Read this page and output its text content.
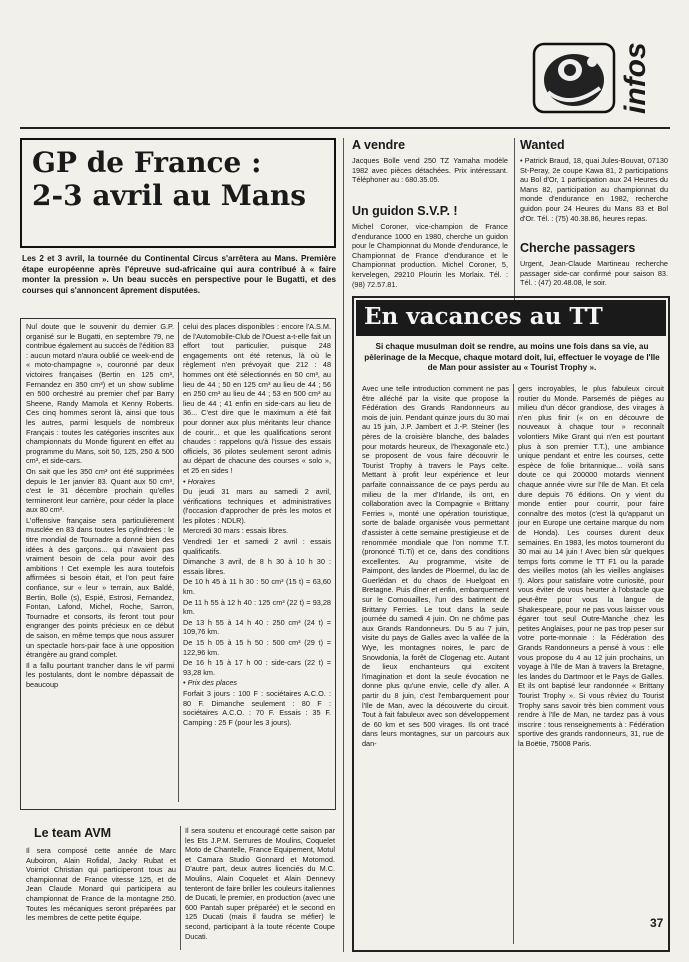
infos
GP de France :
2-3 avril au Mans
Les 2 et 3 avril, la tournée du Continental Circus s'arrêtera au Mans. Première étape européenne après l'épreuve sud-africaine qui aura contribué à « faire monter la pression ». Un beau succès en perspective pour le Bugatti, et des courses qui s'annoncent âprement disputées.

Nul doute que le souvenir du dernier G.P. organisé sur le Bugatti, en septembre 79, ne contribue également au succès de l'édition 83 : aucun motard n'aura oublié ce week-end de « moto-champagne », couronné par deux victoires françaises (Bertin en 125 cm³, Fernandez en 350 cm³) et un show sublime en 500 orchestré au premier chef par Barry Sheene, Randy Mamola et Kenny Roberts. Ces cinq hommes seront là, ainsi que tous les autres, parmi lesquels de nombreux Français : toutes les catégories inscrites aux championnats du Monde figurent en effet au programme du Mans, soit 50, 125, 250 & 500 cm³, et side-cars.

On sait que les 350 cm³ ont été supprimées depuis le 1er janvier 83. Quant aux 50 cm³, c'est le 31 décembre prochain qu'elles termineront leur carrière, pour céder la place aux 80 cm³.

L'offensive française sera particulièrement musclée en 83 dans toutes les cylindrées : le titre mondial de Tournadre a donné bien des idées à des garçons... qui n'avaient pas vraiment besoin de cela pour avoir des ambitions ! Cet exemple les aura toutefois affirmées si besoin était, et l'on peut faire confiance, sur « leur » terrain, aux Baldé, Bertin, Bolle (s), Espié, Estrosi, Fernandez, Fontan, Lafond, Michel, Roche, Sarron, Tournadre et consorts, ils feront tout pour engranger des points précieux en ce début de saison, en même temps que nous assurer un spectacle hors-pair face à une opposition étrangère au grand complet.

Il a fallu pourtant trancher dans le vif parmi les postulants, dont le nombre dépassait de beaucoup

celui des places disponibles : encore l'A.S.M. de l'Automobile-Club de l'Ouest a-t-elle fait un effort tout particulier, puisque 248 engagements ont été retenus, là où le règlement n'en prévoyait que 212 : 48 hommes ont été sélectionnés en 50 cm³, au lieu de 44 ; 50 en 125 cm³ au lieu de 44 ; 56 en 250 cm³ au lieu de 44 ; 53 en 500 cm³ au lieu de 44 ; 41 enfin en side-cars au lieu de 36... C'est dire que le maximum a été fait pour donner aux plus méritants leur chance de courir... et que les qualifications seront chaudes : rappelons qu'à l'issue des essais officiels, 36 pilotes seulement seront admis au départ de chacune des courses « solo », et 25 en sides !

• Horaires

Du jeudi 31 mars au samedi 2 avril, vérifications techniques et administratives (l'occasion d'approcher de près les motos et les pilotes : NDLR).

Mercredi 30 mars : essais libres.

Vendredi 1er et samedi 2 avril : essais qualificatifs.

Dimanche 3 avril, de 8 h 30 à 10 h 30 : essais libres.

De 10 h 45 à 11 h 30 : 50 cm³ (15 t) = 63,60 km.

De 11 h 55 à 12 h 40 : 125 cm³ (22 t) = 93,28 km.

De 13 h 55 à 14 h 40 : 250 cm³ (24 t) = 109,76 km.

De 15 h 05 à 15 h 50 : 500 cm³ (29 t) = 122,96 km.

De 16 h 15 à 17 h 00 : side-cars (22 t) = 93,28 km.

• Prix des places

Forfait 3 jours : 100 F : sociétaires A.C.O. : 80 F. Dimanche seulement : 80 F : sociétaires A.C.O. : 70 F. Essais : 35 F. Camping : 25 F (pour les 3 jours).

Le team AVM
Il sera composé cette année de Marc Auboiron, Alain Rofidal, Jacky Rubat et Voirriot Christian qui participeront tous au championnat de France vitesse 125, et de Jean Claude Monard qui participera au championnat de France de la montagne 250. Toutes les mécaniques seront préparées par les membres de cette petite équipe.
Il sera soutenu et encouragé cette saison par les Ets J.P.M. Serrures de Moulins, Coquelet Moto de Chantelle, France Equipement, Motul et Camara Studio Gonnard et Motomod. D'autre part, deux autres licenciés du M.C. Moulins, Alain Coquelet et Alain Dennevy tenteront de faire briller les couleurs italiennes de Ducati, le premier, en production (avec une 600 Pantah super préparée) et le second en 125 Ducati (mais il faudra se méfier) le second, participant à la toute récente Coupe Ducati.
A vendre
Jacques Bolle vend 250 TZ Yamaha modèle 1982 avec pièces détachées. Prix intéressant. Téléphoner au : 680.35.05.
Un guidon S.V.P. !
Michel Coroner, vice-champion de France d'endurance 1000 en 1980, cherche un guidon pour le Championnat du Monde d'endurance, le Championnat de France d'endurance et le Championnat production. Michel Coroner, 5, kervelegen, 29210 Plourin les Morlaix. Tél. : (98) 72.57.81.
Wanted
• Patrick Braud, 18, quai Jules-Bouvat, 07130 St-Peray, 2e coupe Kawa 81, 2 participations au Bol d'Or, 1 participation aux 24 Heures du Mans 82, participation au championnat du monde d'endurance en 1982, recherche guidon pour 24 Heures du Mans 83 et Bol d'Or. Tél. : (75) 40.38.86, heures repas.
Cherche passagers
Urgent, Jean-Claude Martineau recherche passager side-car confirmé pour saison 83. Tél. : (47) 20.48.08, le soir.
En vacances au TT
Si chaque musulman doit se rendre, au moins une fois dans sa vie, au pèlerinage de la Mecque, chaque motard doit, lui, effectuer le voyage de l'Ile de Man pour assister au « Tourist Trophy ».
Avec une telle introduction comment ne pas être alléché par la visite que propose la Fédération des Grands Randonneurs au mois de juin. Pendant quinze jours du 30 mai au 15 juin, J.P. Jambert et J.-P. Steiner (les pères de la croisière blanche, des balades pour motards heureux, de l'hexagonale etc.) se proposent de vous faire découvrir le Tourist Trophy à travers le Pays celte. Mettant à profit leur expérience et leur parfaite connaissance de ce pays perdu au milieu de la mer d'Irlande, ils ont, en collaboration avec la Compagnie « Brittany Ferries », monté une opération touristique, sorte de balade organisée vous permettant d'assister à cette semaine prestigieuse et de renommée mondiale que l'on nomme T.T. (prononcé Ti.Ti) et ce, dans des conditions excellentes. Au programme, visite de Paimpont, des landes de Ploermel, du lac de Guerlédan et du chaos de Huelgoat en Bretagne. Puis dîner et enfin, embarquement sur le Cornouailles, l'un des batiment de Brittany Ferries. Le tout dans la seule journée du samedi 4 juin. On ne chôme pas aux Grands Randonneurs. Du 5 au 7 juin, visite du pays de Galles avec la vallée de la Wye, les montagnes noires, le parc de Snowdonia, la forêt de Clogenag etc. Autant de lieux enchanteurs qui excitent l'imagination et dont la seule évocation ne donne plus qu'une envie, celle d'y aller. A partir du 8 juin, c'est l'embarquement pour l'Ile de Man, avec la découverte du circuit. Tout à fait fabuleux avec son développement de 60 km et ses 500 virages. Ils ont tracé dans leurs montagnes, sur un parcours aux dan-
gers incroyables, le plus fabuleux circuit routier du Monde. Parsemés de pièges au milieu d'un décor grandiose, des virages à n'en plus finir (« on en découvre de nouveaux à chaque tour » reconnaît volontiers Mike Grant qui n'en est pourtant plus à son premier T.T.), une ambiance unique pendant et entre les courses, cette espèce de folie britannique... voilà sans doute ce qui 200000 motards viennent chaque année vivre sur l'Ile de Man. Et cela dure depuis 76 éditions. On y vient du monde entier pour courrir, pour faire connaître des motos (c'est là qu'apparut un jour en Europe une certaine marque du nom de Honda). Les courses durent deux semaines. En 1983, les motos tourneront du 30 mai au 14 juin ! Avec bien sûr quelques temps forts comme le TT F1 ou la parade des vieilles motos (ah les vieilles anglaises !). Alors pour satisfaire votre curiosité, pour vous éviter de vous heurter à l'obstacle que peut-être pour vous la langue de Shakespeare, pour ne pas vous laisser vous égarer tout seul Outre-Manche chez les petites Anglaises, pour ne pas trop peser sur votre porte-monnaie : la Fédération des Grands Randonneurs a pensé à vous : elle vous propose du 4 au 12 juin prochains, un voyage à l'Ile de Man à travers la Bretagne, les landes du Dartmoor et le Pays de Galles. Et ils ont baptisé leur randonnée « Brittany Tourist Trophy ». Si vous rêviez du Tourist Trophy sans savoir très bien comment vous rendre à l'Ile de Man, ne tardez pas à vous inscrire : tous renseignements à : Fédération sportive des grands randonneurs, 31, rue de la Boëtie, 75008 Paris.
37
